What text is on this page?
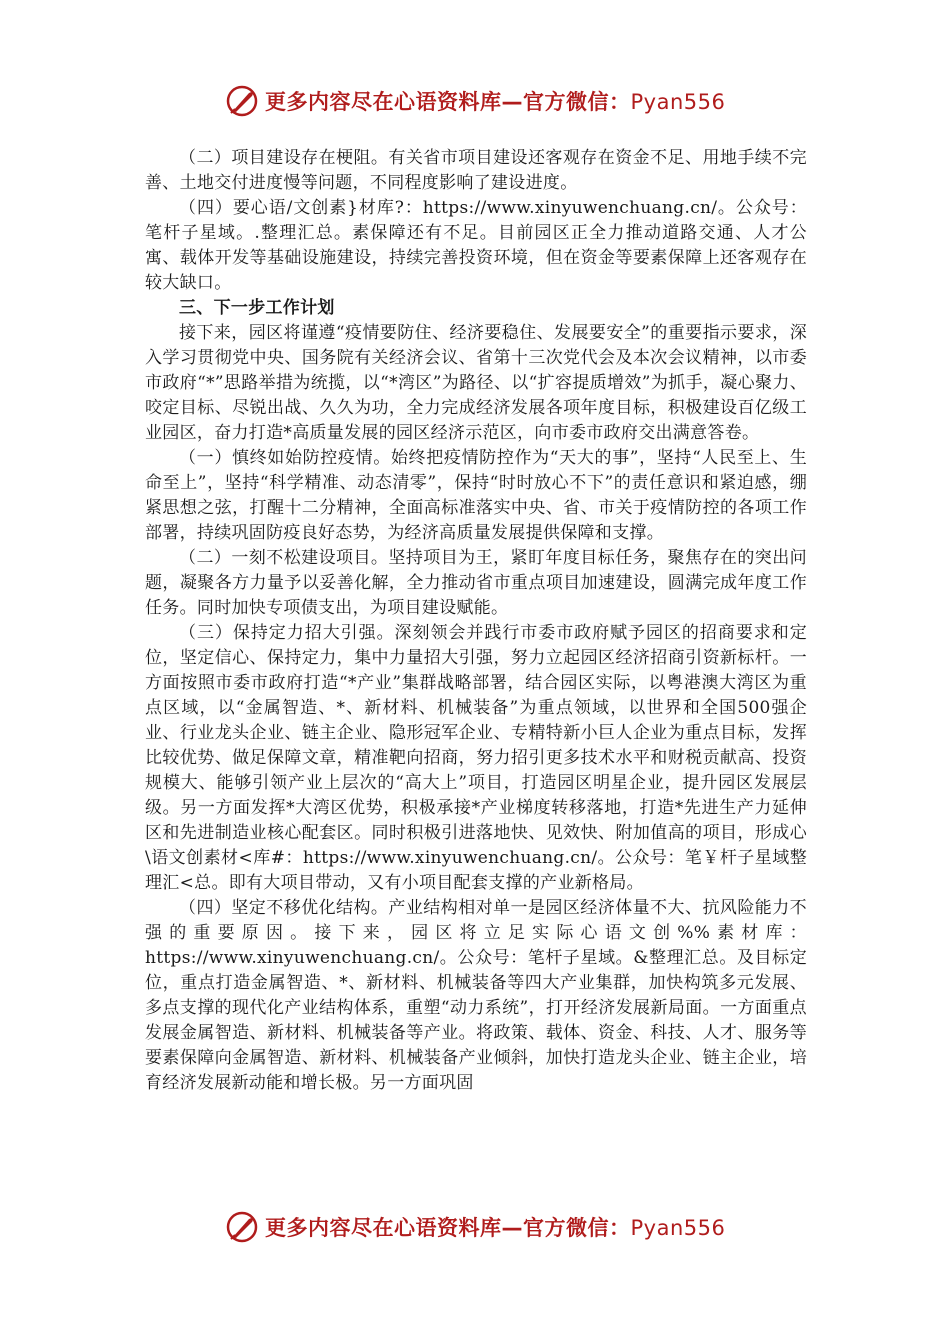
更多内容尽在心语资料库—官方微信：Pyan556

（二）项目建设存在梗阻。有关省市项目建设还客观存在资金不足、用地手续不完善、土地交付进度慢等问题，不同程度影响了建设进度。

（四）要心语/文创素}材库?：https://www.xinyuwenchuang.cn/。公众号：笔杆子星域。.整理汇总。素保障还有不足。目前园区正全力推动道路交通、人才公寓、载体开发等基础设施建设，持续完善投资环境，但在资金等要素保障上还客观存在较大缺口。

三、下一步工作计划

接下来，园区将谨遵“疫情要防住、经济要稳住、发展要安全”的重要指示要求，深入学习贯彻党中央、国务院有关经济会议、省第十三次党代会及本次会议精神，以市委市政府“*”思路举措为统揽，以“*湾区”为路径、以“扩容提质增效”为抓手，凝心聚力、咬定目标、尽锐出战、久久为功，全力完成经济发展各项年度目标，积极建设百亿级工业园区，奋力打造*高质量发展的园区经济示范区，向市委市政府交出满意答卷。

（一）慎终如始防控疫情。始终把疫情防控作为“天大的事”，坚持“人民至上、生命至上”，坚持“科学精准、动态清零”，保持“时时放心不下”的责任意识和紧迫感，绷紧思想之弦，打醒十二分精神，全面高标准落实中央、省、市关于疫情防控的各项工作部署，持续巩固防疫良好态势，为经济高质量发展提供保障和支撑。

（二）一刻不松建设项目。坚持项目为王，紧盯年度目标任务，聚焦存在的突出问题，凝聚各方力量予以妥善化解，全力推动省市重点项目加速建设，圆满完成年度工作任务。同时加快专项债支出，为项目建设赋能。

（三）保持定力招大引强。深刻领会并践行市委市政府赋予园区的招商要求和定位，坚定信心、保持定力，集中力量招大引强，努力立起园区经济招商引资新标杆。一方面按照市委市政府打造“*产业”集群战略部署，结合园区实际，以粤港澳大湾区为重点区域，以“金属智造、*、新材料、机械装备”为重点领域，以世界和全国500强企业、行业龙头企业、链主企业、隐形冠军企业、专精特新小巨人企业为重点目标，发挥比较优势、做足保障文章，精准靶向招商，努力招引更多技术水平和财税贡献高、投资规模大、能够引领产业上层次的“高大上”项目，打造园区明星企业，提升园区发展层级。另一方面发挥*大湾区优势，积极承接*产业梯度转移落地，打造*先进生产力延伸区和先进制造业核心配套区。同时积极引进落地快、见效快、附加值高的项目，形成心\语文创素材<库#：https://www.xinyuwenchuang.cn/。公众号：笔￥杆子星域整理汇<总。即有大项目带动，又有小项目配套支撑的产业新格局。

（四）坚定不移优化结构。产业结构相对单一是园区经济体量不大、抗风险能力不强的重要原因。接下来，园区将立足实际心语文创%%素材库：https://www.xinyuwenchuang.cn/。公众号：笔杆子星域。&整理汇总。及目标定位，重点打造金属智造、*、新材料、机械装备等四大产业集群，加快构筑多元发展、多点支撑的现代化产业结构体系，重塑“动力系统”，打开经济发展新局面。一方面重点发展金属智造、新材料、机械装备等产业。将政策、载体、资金、科技、人才、服务等要素保障向金属智造、新材料、机械装备产业倾斜，加快打造龙头企业、链主企业，培育经济发展新动能和增长极。另一方面巩固

更多内容尽在心语资料库—官方微信：Pyan556
